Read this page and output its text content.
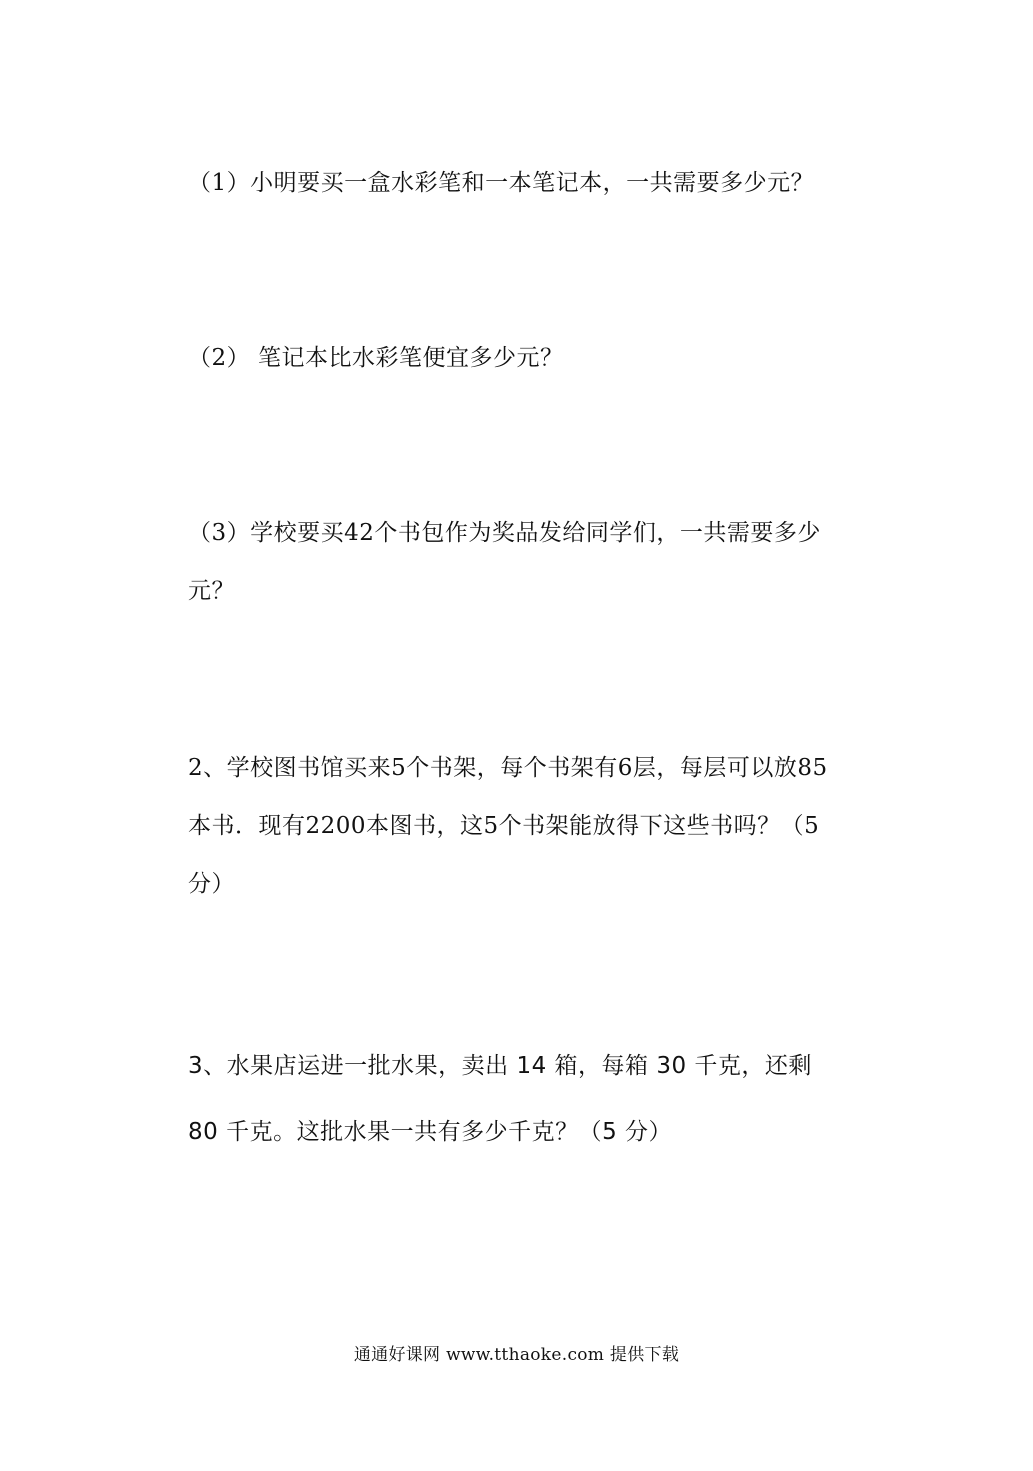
（1）小明要买一盒水彩笔和一本笔记本，一共需要多少元？
（2） 笔记本比水彩笔便宜多少元？
（3）学校要买42个书包作为奖品发给同学们，一共需要多少
元？
2、学校图书馆买来5个书架，每个书架有6层，每层可以放85
本书．现有2200本图书，这5个书架能放得下这些书吗？（5
分）
3、水果店运进一批水果，卖出 14 箱，每箱 30 千克，还剩
80 千克。这批水果一共有多少千克？（5 分）
通通好课网 www.tthaoke.com 提供下载
